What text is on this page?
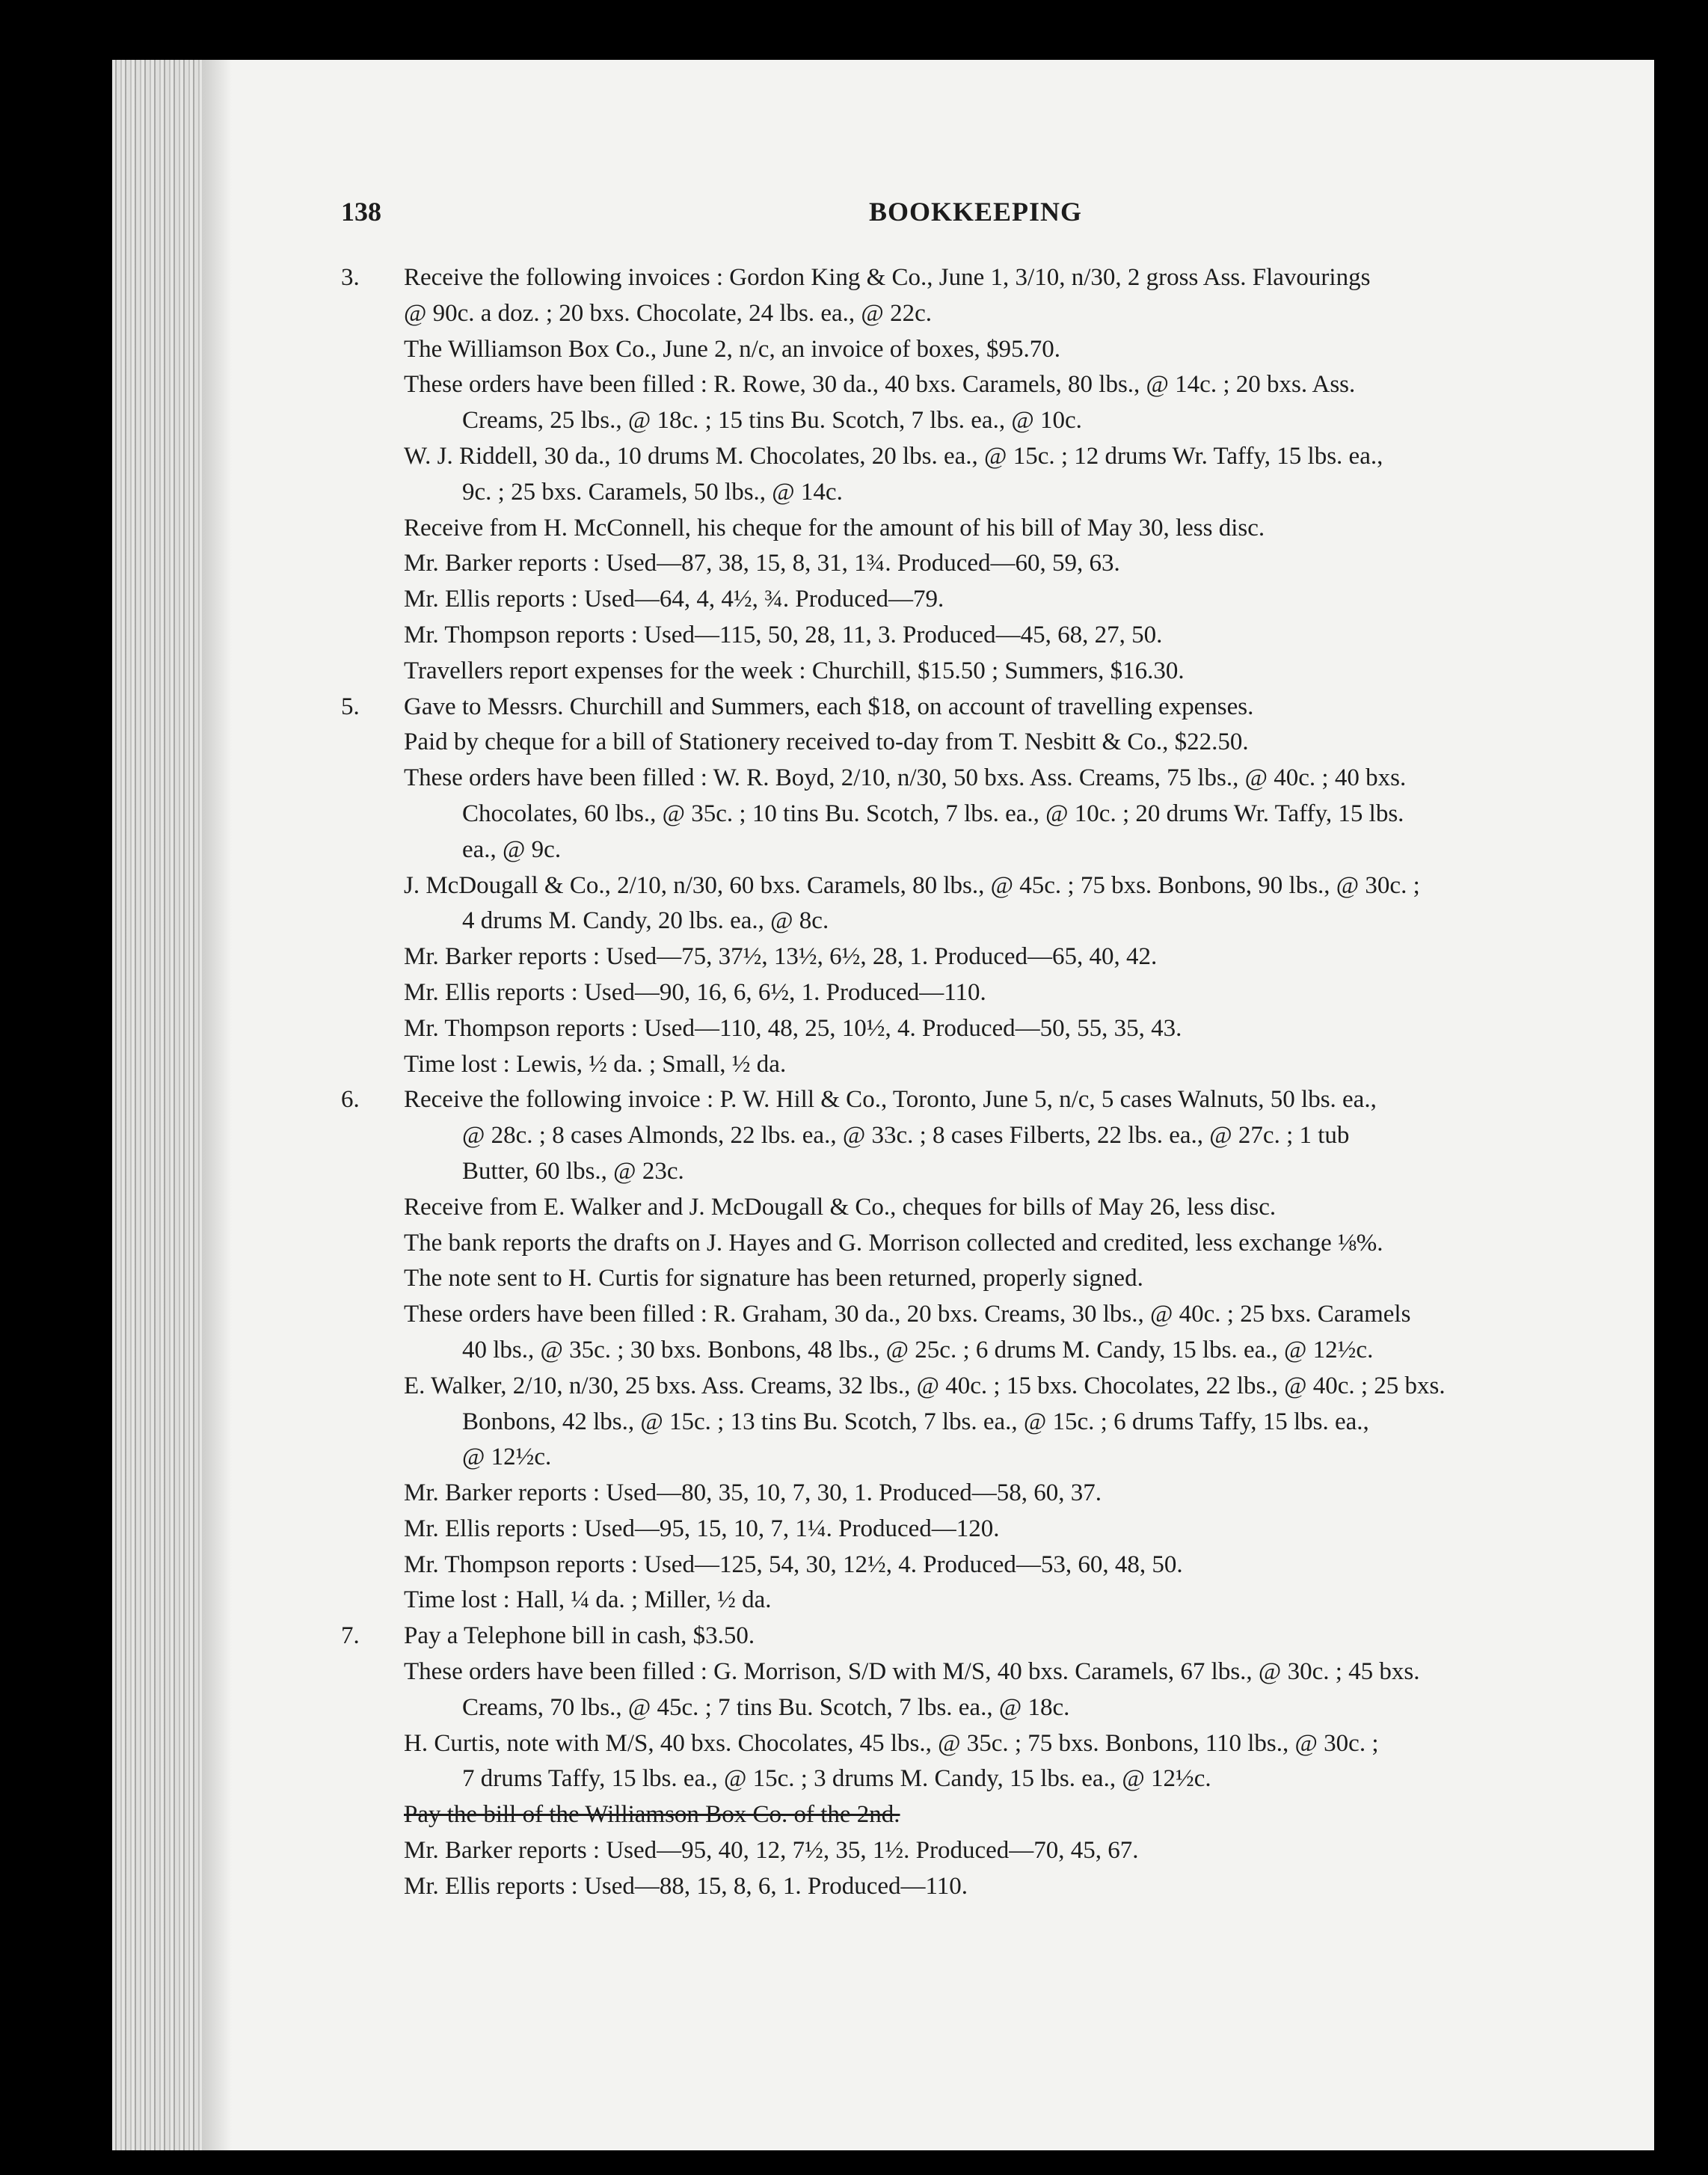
138	BOOKKEEPING
3. Receive the following invoices : Gordon King & Co., June 1, 3/10, n/30, 2 gross Ass. Flavourings
@ 90c. a doz. ; 20 bxs. Chocolate, 24 lbs. ea., @ 22c.
The Williamson Box Co., June 2, n/c, an invoice of boxes, $95.70.
These orders have been filled : R. Rowe, 30 da., 40 bxs. Caramels, 80 lbs., @ 14c. ; 20 bxs. Ass.
Creams, 25 lbs., @ 18c. ; 15 tins Bu. Scotch, 7 lbs. ea., @ 10c.
W. J. Riddell, 30 da., 10 drums M. Chocolates, 20 lbs. ea., @ 15c. ; 12 drums Wr. Taffy, 15 lbs. ea.,
9c. ; 25 bxs. Caramels, 50 lbs., @ 14c.
Receive from H. McConnell, his cheque for the amount of his bill of May 30, less disc.
Mr. Barker reports : Used—87, 38, 15, 8, 31, 1¾. Produced—60, 59, 63.
Mr. Ellis reports : Used—64, 4, 4½, ¾. Produced—79.
Mr. Thompson reports : Used—115, 50, 28, 11, 3. Produced—45, 68, 27, 50.
Travellers report expenses for the week : Churchill, $15.50 ; Summers, $16.30.
5. Gave to Messrs. Churchill and Summers, each $18, on account of travelling expenses.
Paid by cheque for a bill of Stationery received to-day from T. Nesbitt & Co., $22.50.
These orders have been filled : W. R. Boyd, 2/10, n/30, 50 bxs. Ass. Creams, 75 lbs., @ 40c. ; 40 bxs.
Chocolates, 60 lbs., @ 35c. ; 10 tins Bu. Scotch, 7 lbs. ea., @ 10c. ; 20 drums Wr. Taffy, 15 lbs.
ea., @ 9c.
J. McDougall & Co., 2/10, n/30, 60 bxs. Caramels, 80 lbs., @ 45c. ; 75 bxs. Bonbons, 90 lbs., @ 30c. ;
4 drums M. Candy, 20 lbs. ea., @ 8c.
Mr. Barker reports : Used—75, 37½, 13½, 6½, 28, 1. Produced—65, 40, 42.
Mr. Ellis reports : Used—90, 16, 6, 6½, 1. Produced—110.
Mr. Thompson reports : Used—110, 48, 25, 10½, 4. Produced—50, 55, 35, 43.
Time lost : Lewis, ½ da. ; Small, ½ da.
6. Receive the following invoice : P. W. Hill & Co., Toronto, June 5, n/c, 5 cases Walnuts, 50 lbs. ea.,
@ 28c. ; 8 cases Almonds, 22 lbs. ea., @ 33c. ; 8 cases Filberts, 22 lbs. ea., @ 27c. ; 1 tub
Butter, 60 lbs., @ 23c.
Receive from E. Walker and J. McDougall & Co., cheques for bills of May 26, less disc.
The bank reports the drafts on J. Hayes and G. Morrison collected and credited, less exchange ⅛%.
The note sent to H. Curtis for signature has been returned, properly signed.
These orders have been filled : R. Graham, 30 da., 20 bxs. Creams, 30 lbs., @ 40c. ; 25 bxs. Caramels
40 lbs., @ 35c. ; 30 bxs. Bonbons, 48 lbs., @ 25c. ; 6 drums M. Candy, 15 lbs. ea., @ 12½c.
E. Walker, 2/10, n/30, 25 bxs. Ass. Creams, 32 lbs., @ 40c. ; 15 bxs. Chocolates, 22 lbs., @ 40c. ; 25 bxs.
Bonbons, 42 lbs., @ 15c. ; 13 tins Bu. Scotch, 7 lbs. ea., @ 15c. ; 6 drums Taffy, 15 lbs. ea.,
@ 12½c.
Mr. Barker reports : Used—80, 35, 10, 7, 30, 1. Produced—58, 60, 37.
Mr. Ellis reports : Used—95, 15, 10, 7, 1¼. Produced—120.
Mr. Thompson reports : Used—125, 54, 30, 12½, 4. Produced—53, 60, 48, 50.
Time lost : Hall, ¼ da. ; Miller, ½ da.
7. Pay a Telephone bill in cash, $3.50.
These orders have been filled : G. Morrison, S/D with M/S, 40 bxs. Caramels, 67 lbs., @ 30c. ; 45 bxs.
Creams, 70 lbs., @ 45c. ; 7 tins Bu. Scotch, 7 lbs. ea., @ 18c.
H. Curtis, note with M/S, 40 bxs. Chocolates, 45 lbs., @ 35c. ; 75 bxs. Bonbons, 110 lbs., @ 30c. ;
7 drums Taffy, 15 lbs. ea., @ 15c. ; 3 drums M. Candy, 15 lbs. ea., @ 12½c.
Pay the bill of the Williamson Box Co. of the 2nd.
Mr. Barker reports : Used—95, 40, 12, 7½, 35, 1½. Produced—70, 45, 67.
Mr. Ellis reports : Used—88, 15, 8, 6, 1. Produced—110.
